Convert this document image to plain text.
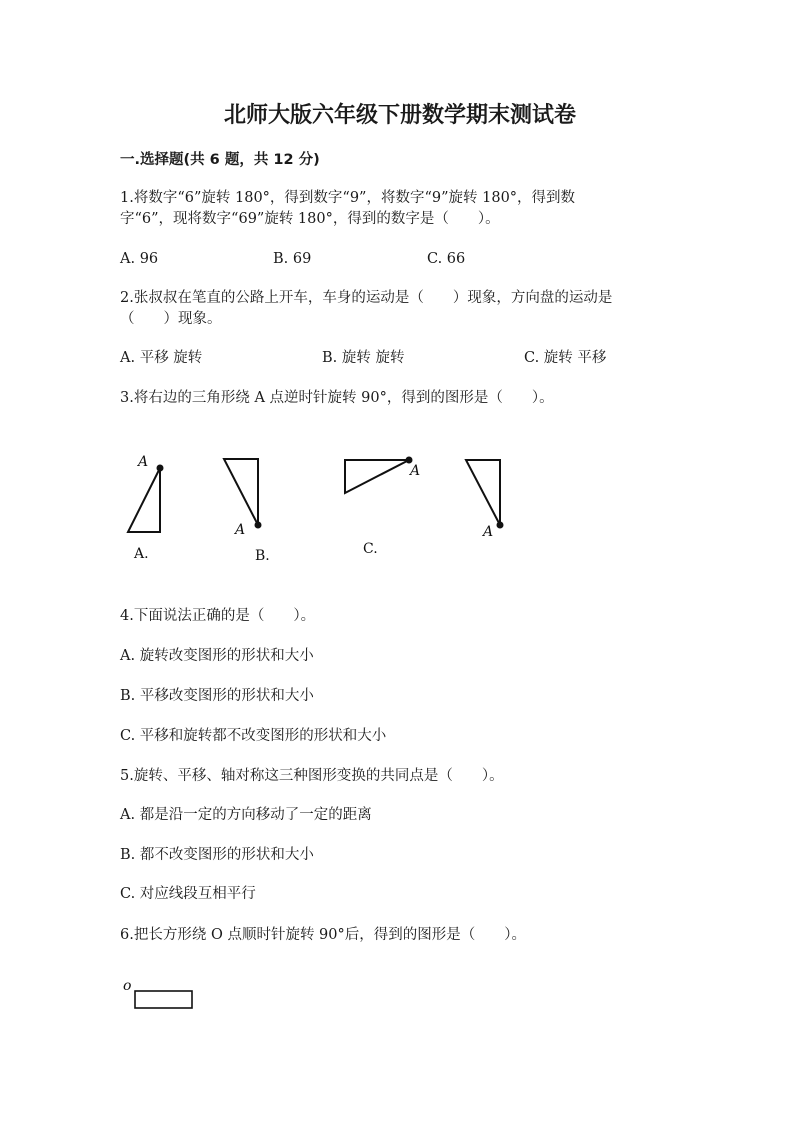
北师大版六年级下册数学期末测试卷
一.选择题(共 6 题，共 12 分)
1.将数字“6”旋转 180°，得到数字“9”，将数字“9”旋转 180°，得到数
字“6”，现将数字“69”旋转 180°，得到的数字是（　　）。
A. 96	B. 69	C. 66
2.张叔叔在笔直的公路上开车，车身的运动是（　　）现象，方向盘的运动是
（　　）现象。
A. 平移 旋转	B. 旋转 旋转	C. 旋转 平移
3.将右边的三角形绕 A 点逆时针旋转 90°，得到的图形是（　　）。
A
A.
A
B.
A
C.
A
o
4.下面说法正确的是（　　）。
A. 旋转改变图形的形状和大小
B. 平移改变图形的形状和大小
C. 平移和旋转都不改变图形的形状和大小
5.旋转、平移、轴对称这三种图形变换的共同点是（　　）。
A. 都是沿一定的方向移动了一定的距离
B. 都不改变图形的形状和大小
C. 对应线段互相平行
6.把长方形绕 O 点顺时针旋转 90°后，得到的图形是（　　）。
